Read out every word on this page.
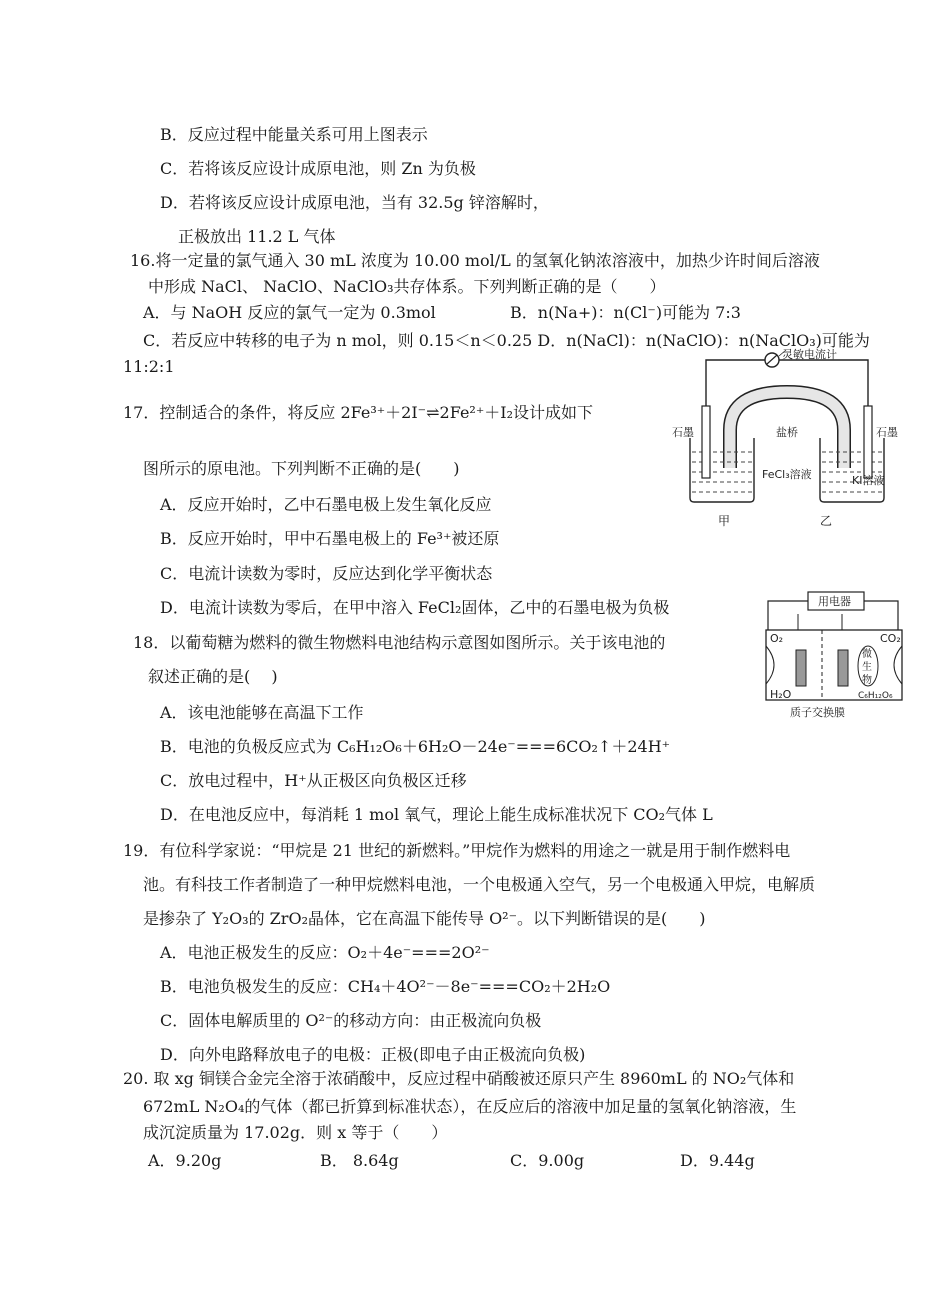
B．反应过程中能量关系可用上图表示
C．若将该反应设计成原电池，则 Zn 为负极
D．若将该反应设计成原电池，当有 32.5g 锌溶解时，
正极放出 11.2 L 气体
16.将一定量的氯气通入 30 mL 浓度为 10.00 mol/L 的氢氧化钠浓溶液中，加热少许时间后溶液
中形成 NaCl、 NaClO、NaClO₃共存体系。下列判断正确的是（　　）
A．与 NaOH 反应的氯气一定为 0.3mol	B．n(Na+)：n(Cl⁻)可能为 7:3
C．若反应中转移的电子为 n mol，则 0.15＜n＜0.25 D．n(NaCl)：n(NaClO)：n(NaClO₃)可能为
11:2:1
17．控制适合的条件，将反应 2Fe³⁺＋2I⁻⇌2Fe²⁺＋I₂设计成如下
图所示的原电池。下列判断不正确的是(　　)
A．反应开始时，乙中石墨电极上发生氧化反应
B．反应开始时，甲中石墨电极上的 Fe³⁺被还原
C．电流计读数为零时，反应达到化学平衡状态
D．电流计读数为零后，在甲中溶入 FeCl₂固体，乙中的石墨电极为负极
灵敏电流计
盐桥
石墨	石墨
FeCl₃溶液	KI溶液
甲	乙
18．以葡萄糖为燃料的微生物燃料电池结构示意图如图所示。关于该电池的
叙述正确的是(　 )
A．该电池能够在高温下工作
B．电池的负极反应式为 C₆H₁₂O₆＋6H₂O－24e⁻===6CO₂↑＋24H⁺
C．放电过程中，H⁺从正极区向负极区迁移
D．在电池反应中，每消耗 1 mol 氧气，理论上能生成标准状况下 CO₂气体 L
用电器
O₂	CO₂
H₂O	C₆H₁₂O₆
质子交换膜
微生物
19．有位科学家说：“甲烷是 21 世纪的新燃料。”甲烷作为燃料的用途之一就是用于制作燃料电
池。有科技工作者制造了一种甲烷燃料电池，一个电极通入空气，另一个电极通入甲烷，电解质
是掺杂了 Y₂O₃的 ZrO₂晶体，它在高温下能传导 O²⁻。以下判断错误的是(　　)
A．电池正极发生的反应：O₂＋4e⁻===2O²⁻
B．电池负极发生的反应：CH₄＋4O²⁻－8e⁻===CO₂＋2H₂O
C．固体电解质里的 O²⁻的移动方向：由正极流向负极
D．向外电路释放电子的电极：正极(即电子由正极流向负极)
20. 取 xg 铜镁合金完全溶于浓硝酸中，反应过程中硝酸被还原只产生 8960mL 的 NO₂气体和
672mL N₂O₄的气体（都已折算到标准状态），在反应后的溶液中加足量的氢氧化钠溶液，生
成沉淀质量为 17.02g．则 x 等于（　　）
A．9.20g	B． 8.64g	C．9.00g	D．9.44g
